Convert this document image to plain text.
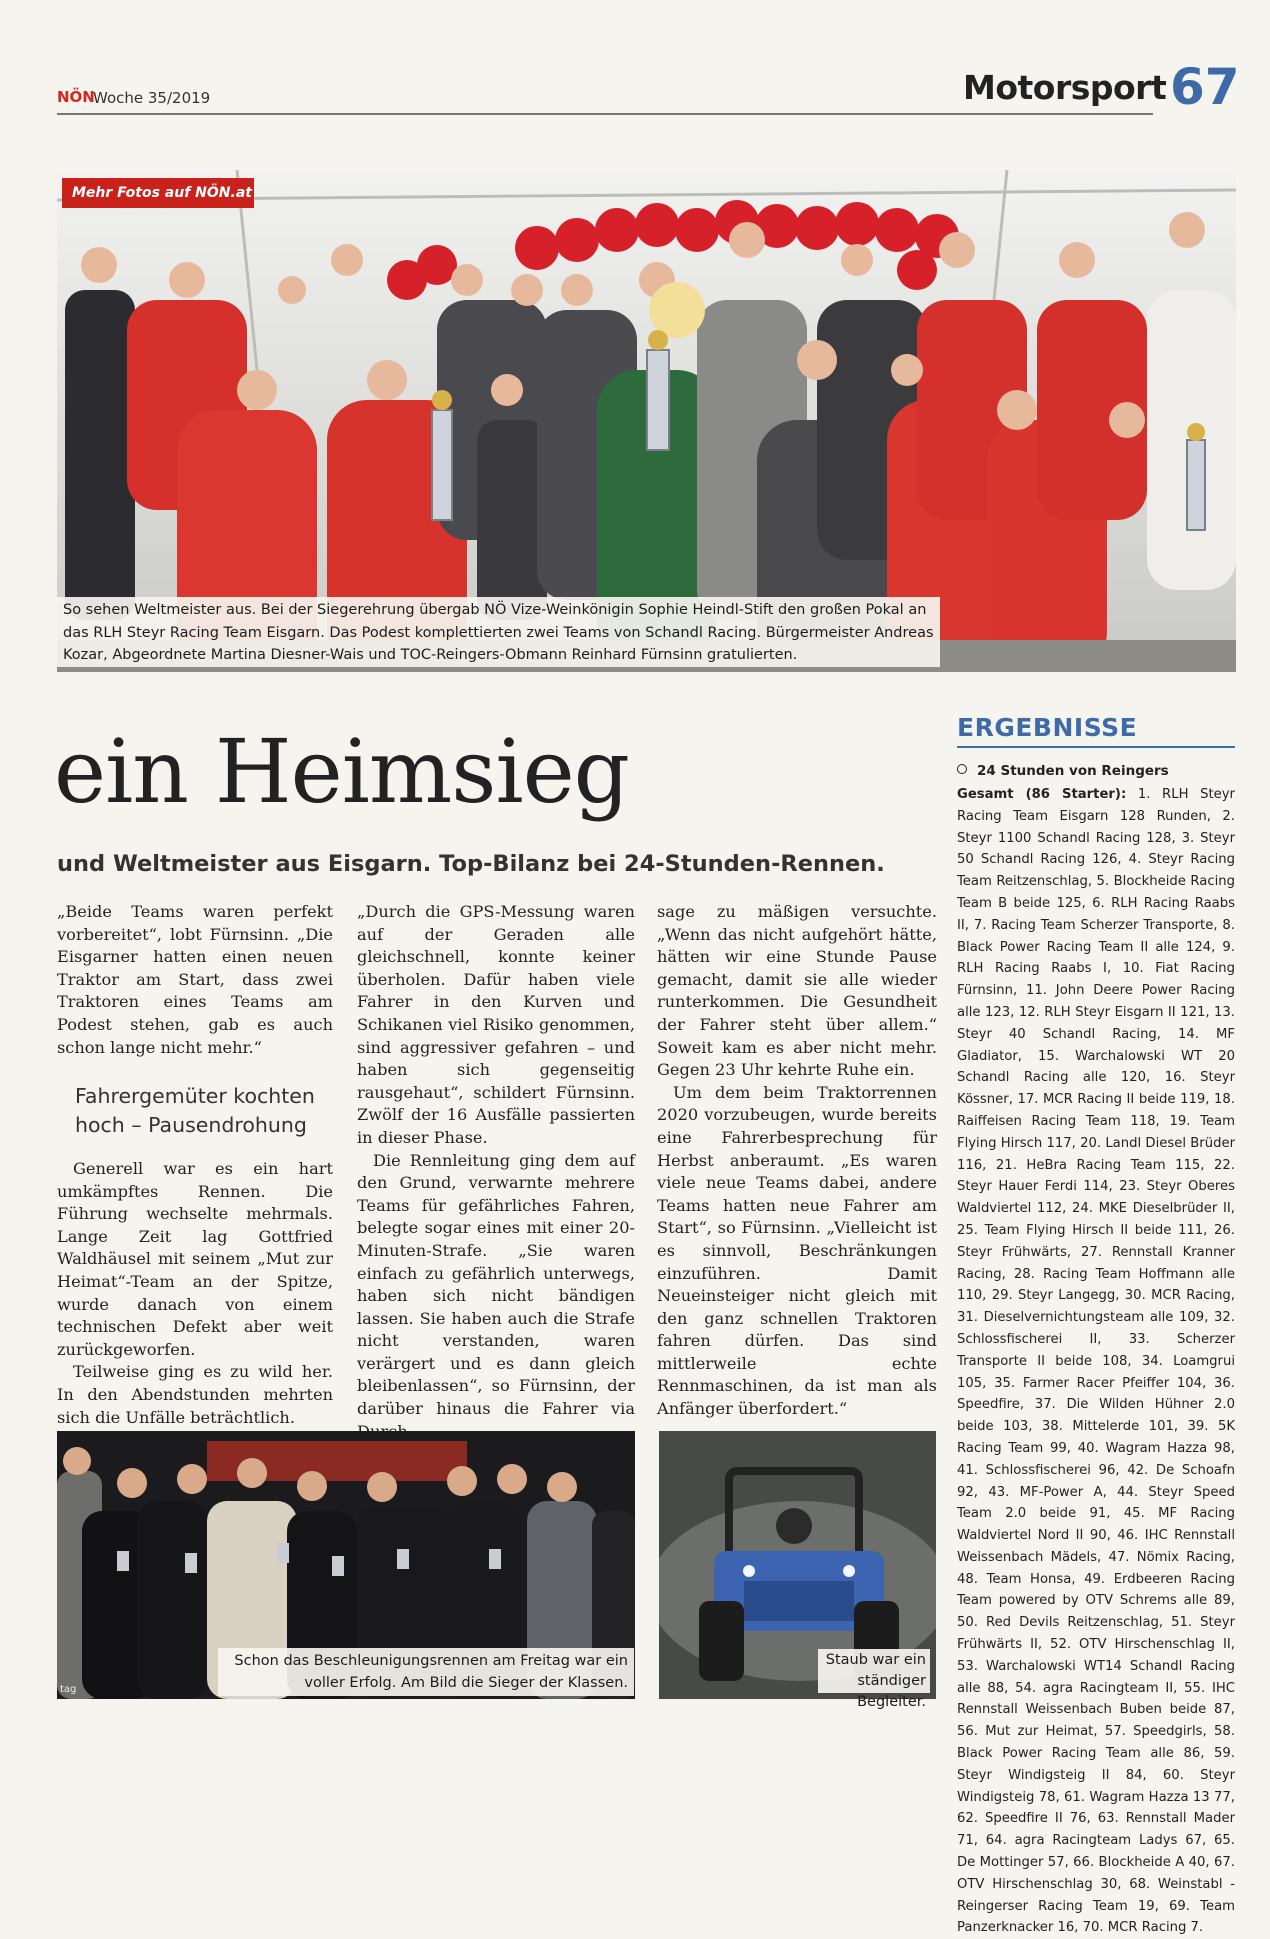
NÖN
Woche 35/2019	Motorsport 67
Mehr Fotos auf NÖN.at
So sehen Weltmeister aus. Bei der Siegerehrung übergab NÖ Vize-Weinkönigin Sophie Heindl-Stift den großen Pokal an das RLH Steyr Racing Team Eisgarn. Das Podest komplettierten zwei Teams von Schandl Racing. Bürgermeister Andreas Kozar, Abgeordnete Martina Diesner-Wais und TOC-Reingers-Obmann Reinhard Fürnsinn gratulierten.
ein Heimsieg
und Weltmeister aus Eisgarn. Top-Bilanz bei 24-Stunden-Rennen.

„Beide Teams waren perfekt vorbereitet“, lobt Fürnsinn. „Die Eisgarner hatten einen neuen Traktor am Start, dass zwei Traktoren eines Teams am Podest stehen, gab es auch schon lange nicht mehr.“

Fahrergemüter kochten hoch – Pausendrohung

Generell war es ein hart umkämpftes Rennen. Die Führung wechselte mehrmals. Lange Zeit lag Gottfried Waldhäusel mit seinem „Mut zur Heimat“-Team an der Spitze, wurde danach von einem technischen Defekt aber weit zurückgeworfen.

Teilweise ging es zu wild her. In den Abendstunden mehrten sich die Unfälle beträchtlich.

„Durch die GPS-Messung waren auf der Geraden alle gleichschnell, konnte keiner überholen. Dafür haben viele Fahrer in den Kurven und Schikanen viel Risiko genommen, sind aggressiver gefahren – und haben sich gegenseitig rausgehaut“, schildert Fürnsinn. Zwölf der 16 Ausfälle passierten in dieser Phase.

Die Rennleitung ging dem auf den Grund, verwarnte mehrere Teams für gefährliches Fahren, belegte sogar eines mit einer 20-Minuten-Strafe. „Sie waren einfach zu gefährlich unterwegs, haben sich nicht bändigen lassen. Sie haben auch die Strafe nicht verstanden, waren verärgert und es dann gleich bleibenlassen“, so Fürnsinn, der darüber hinaus die Fahrer via

sage zu mäßigen versuchte. „Wenn das nicht aufgehört hätte, hätten wir eine Stunde Pause gemacht, damit sie alle wieder runterkommen. Die Gesundheit der Fahrer steht über allem.“ Soweit kam es aber nicht mehr. Gegen 23 Uhr kehrte Ruhe ein.

Um dem beim Traktorrennen 2020 vorzubeugen, wurde bereits eine Fahrerbesprechung für Herbst anberaumt. „Es waren viele neue Teams dabei, andere Teams hatten neue Fahrer am Start“, so Fürnsinn. „Vielleicht ist es sinnvoll, Beschränkungen einzuführen. Damit Neueinsteiger nicht gleich mit den ganz schnellen Traktoren fahren dürfen. Das sind mittlerweile echte Rennmaschinen, da ist man als Anfänger überfordert.“

ERGEBNISSE
24 Stunden von Reingers
Gesamt (86 Starter): 1. RLH Steyr Racing Team Eisgarn 128 Runden, 2. Steyr 1100 Schandl Racing 128, 3. Steyr 50 Schandl Racing 126, 4. Steyr Racing Team Reitzenschlag, 5. Blockheide Racing Team B beide 125, 6. RLH Racing Raabs II, 7. Racing Team Scherzer Transporte, 8. Black Power Racing Team II alle 124, 9. RLH Racing Raabs I, 10. Fiat Racing Fürnsinn, 11. John Deere Power Racing alle 123, 12. RLH Steyr Eisgarn II 121, 13. Steyr 40 Schandl Racing, 14. MF Gladiator, 15. Warchalowski WT 20 Schandl Racing alle 120, 16. Steyr Kössner, 17. MCR Racing II beide 119, 18. Raiffeisen Racing Team 118, 19. Team Flying Hirsch 117, 20. Landl Diesel Brüder 116, 21. HeBra Racing Team 115, 22. Steyr Hauer Ferdi 114, 23. Steyr Oberes Waldviertel 112, 24. MKE Dieselbrüder II, 25. Team Flying Hirsch II beide 111, 26. Steyr Frühwärts, 27. Rennstall Kranner Racing, 28. Racing Team Hoffmann alle 110, 29. Steyr Langegg, 30. MCR Racing, 31. Dieselvernichtungsteam alle 109, 32. Schlossfischerei II, 33. Scherzer Transporte II beide 108, 34. Loamgrui 105, 35. Farmer Racer Pfeiffer 104, 36. Speedfire, 37. Die Wilden Hühner 2.0 beide 103, 38. Mittelerde 101, 39. 5K Racing Team 99, 40. Wagram Hazza 98, 41. Schlossfischerei 96, 42. De Schoafn 92, 43. MF-Power A, 44. Steyr Speed Team 2.0 beide 91, 45. MF Racing Waldviertel Nord II 90, 46. IHC Rennstall Weissenbach Mädels, 47. Nömix Racing, 48. Team Honsa, 49. Erdbeeren Racing Team powered by OTV Schrems alle 89, 50. Red Devils Reitzenschlag, 51. Steyr Frühwärts II, 52. OTV Hirschenschlag II, 53. Warchalowski WT14 Schandl Racing alle 88, 54. agra Racingteam II, 55. IHC Rennstall Weissenbach Buben beide 87, 56. Mut zur Heimat, 57. Speedgirls, 58. Black Power Racing Team alle 86, 59. Steyr Windigsteig II 84, 60. Steyr Windigsteig 78, 61. Wagram Hazza 13 77, 62. Speedfire II 76, 63. Rennstall Mader 71, 64. agra Racingteam Ladys 67, 65. De Mottinger 57, 66. Blockheide A 40, 67. OTV Hirschenschlag 30, 68. Weinstabl - Reingerser Racing Team 19, 69. Team Panzerknacker 16, 70. MCR Racing 7.
Schon das Beschleunigungsrennen am Freitag war ein voller Erfolg. Am Bild die Sieger der Klassen.
tag
Staub war ein ständiger Begleiter.
